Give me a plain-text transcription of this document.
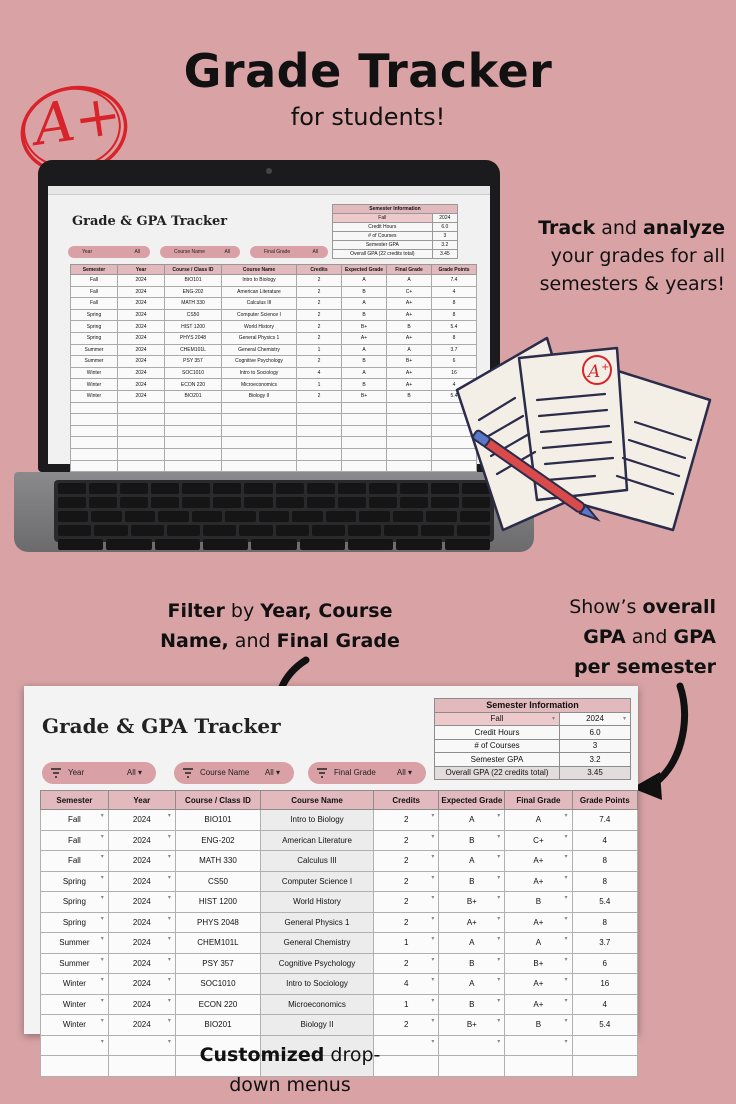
Grade Tracker
for students!
A+
Grade & GPA Tracker
Year	All	Course Name	All	Final Grade	All
Semester Information	
Fall	2024
Credit Hours	6.0
# of Courses	3
Semester GPA	3.2
Overall GPA (22 credits total)	3.45
Semester	Year	Course / Class ID	Course Name	Credits	Expected Grade	Final Grade	Grade Points
Fall	2024	BIO101	Intro to Biology	2	A	A	7.4
Fall	2024	ENG-202	American Literature	2	B	C+	4
Fall	2024	MATH 330	Calculus III	2	A	A+	8
Spring	2024	CS50	Computer Science I	2	B	A+	8
Spring	2024	HIST 1200	World History	2	B+	B	5.4
Spring	2024	PHYS 2048	General Physics 1	2	A+	A+	8
Summer	2024	CHEM101L	General Chemistry	1	A	A	3.7
Summer	2024	PSY 357	Cognitive Psychology	2	B	B+	6
Winter	2024	SOC1010	Intro to Sociology	4	A	A+	16
Winter	2024	ECON 220	Microeconomics	1	B	A+	4
Winter	2024	BIO201	Biology II	2	B+	B	5.4

Track and analyze
your grades for all
semesters & years!
A +
Filter by Year, Course
Name, and Final Grade
Show’s overall
GPA and GPA
per semester
Grade & GPA Tracker
Year	All ▾	Course Name All ▾	Final Grade	All ▾
Semester Information	
Fall ▾	2024 ▾

Credit Hours	6.0
# of Courses	3
Semester GPA	3.2
Overall GPA (22 credits total)	3.45
Semester	Year	Course / Class ID	Course Name	Credits	Expected Grade	Final Grade	Grade Points
Fall ▾	2024 ▾	BIO101	Intro to Biology	2 ▾	A ▾	A ▾	7.4
Fall ▾	2024 ▾	ENG-202	American Literature	2 ▾	B ▾	C+ ▾	4
Fall ▾	2024 ▾	MATH 330	Calculus III	2 ▾	A ▾	A+ ▾	8
Spring ▾	2024 ▾	CS50	Computer Science I	2 ▾	B ▾	A+ ▾	8
Spring ▾	2024 ▾	HIST 1200	World History	2 ▾	B+ ▾	B ▾	5.4
Spring ▾	2024 ▾	PHYS 2048	General Physics 1	2 ▾	A+ ▾	A+ ▾	8
Summer ▾	2024 ▾	CHEM101L	General Chemistry	1 ▾	A ▾	A ▾	3.7
Summer ▾	2024 ▾	PSY 357	Cognitive Psychology	2 ▾	B ▾	B+ ▾	6
Winter ▾	2024 ▾	SOC1010	Intro to Sociology	4 ▾	A ▾	A+ ▾	16
Winter ▾	2024 ▾	ECON 220	Microeconomics	1 ▾	B ▾	A+ ▾	4
Winter ▾	2024 ▾	BIO201	Biology II	2 ▾	B+ ▾	B ▾	5.4

▾	▾			▾	▾	▾	

Customized drop-
down menus
